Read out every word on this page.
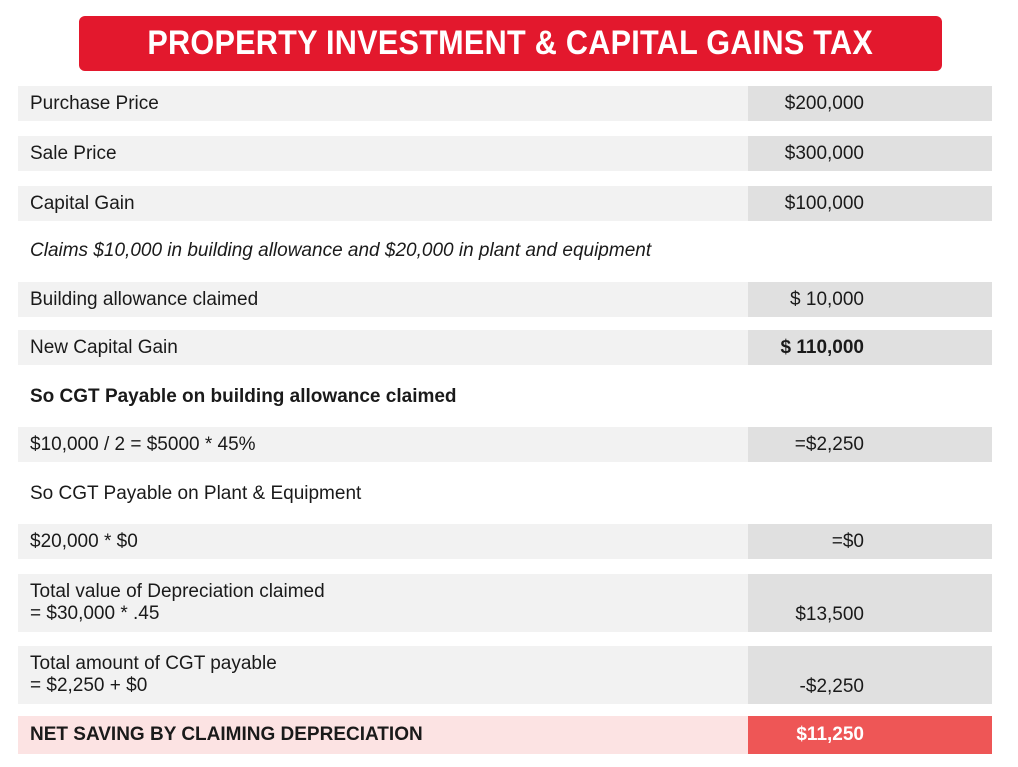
PROPERTY INVESTMENT & CAPITAL GAINS TAX
Purchase Price	$200,000
Sale Price	$300,000
Capital Gain	$100,000
Claims $10,000 in building allowance and $20,000 in plant and equipment
Building allowance claimed	$ 10,000
New Capital Gain	$ 110,000
So CGT Payable on building allowance claimed
$10,000 / 2 = $5000 * 45%	=$2,250
So CGT Payable on Plant & Equipment
$20,000 * $0	=$0
Total value of Depreciation claimed
= $30,000 * .45	$13,500
Total amount of CGT payable
= $2,250 + $0	-$2,250
NET SAVING BY CLAIMING DEPRECIATION	$11,250
